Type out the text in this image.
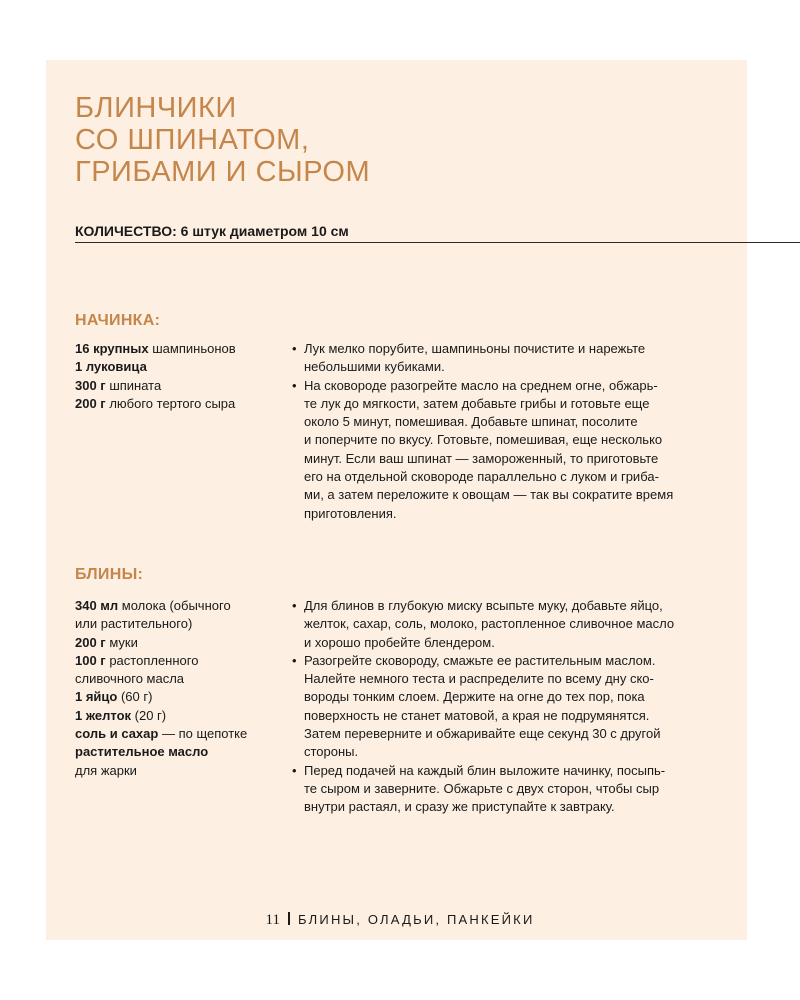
БЛИНЧИКИ
СО ШПИНАТОМ,
ГРИБАМИ И СЫРОМ
КОЛИЧЕСТВО: 6 штук диаметром 10 см
НАЧИНКА:
16 крупных шампиньонов
1 луковица
300 г шпината
200 г любого тертого сыра
• Лук мелко порубите, шампиньоны почистите и нарежьте
небольшими кубиками.
• На сковороде разогрейте масло на среднем огне, обжарь-
те лук до мягкости, затем добавьте грибы и готовьте еще
около 5 минут, помешивая. Добавьте шпинат, посолите
и поперчите по вкусу. Готовьте, помешивая, еще несколько
минут. Если ваш шпинат — замороженный, то приготовьте
его на отдельной сковороде параллельно с луком и гриба-
ми, а затем переложите к овощам — так вы сократите время
приготовления.
БЛИНЫ:
340 мл молока (обычного
или растительного)
200 г муки
100 г растопленного
сливочного масла
1 яйцо (60 г)
1 желток (20 г)
соль и сахар — по щепотке
растительное масло
для жарки
• Для блинов в глубокую миску всыпьте муку, добавьте яйцо,
желток, сахар, соль, молоко, растопленное сливочное масло
и хорошо пробейте блендером.
• Разогрейте сковороду, смажьте ее растительным маслом.
Налейте немного теста и распределите по всему дну ско-
вороды тонким слоем. Держите на огне до тех пор, пока
поверхность не станет матовой, а края не подрумянятся.
Затем переверните и обжаривайте еще секунд 30 с другой
стороны.
• Перед подачей на каждый блин выложите начинку, посыпь-
те сыром и заверните. Обжарьте с двух сторон, чтобы сыр
внутри растаял, и сразу же приступайте к завтраку.
11 БЛИНЫ, ОЛАДЬИ, ПАНКЕЙКИ
